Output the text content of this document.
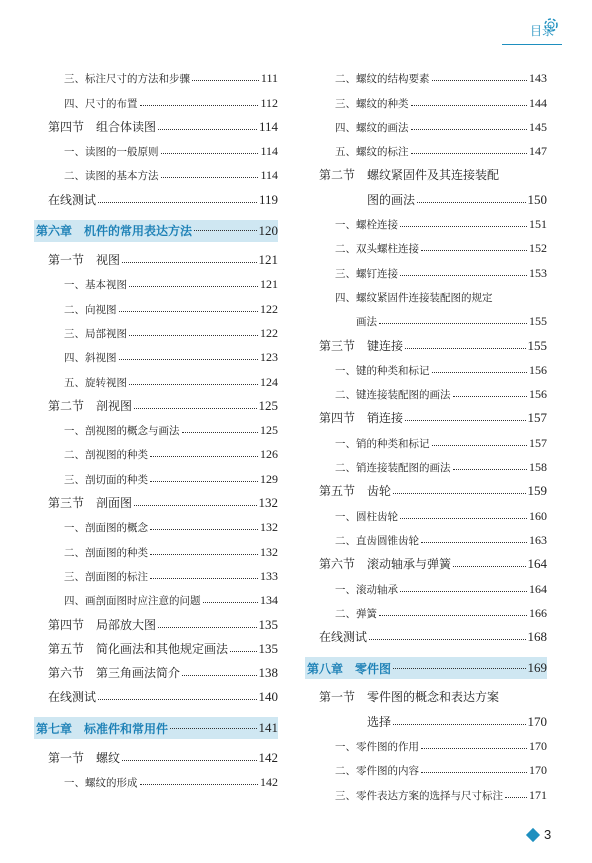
目录
三、标注尺寸的方法和步骤	111
四、尺寸的布置	112
第四节　组合体读图	114
一、读图的一般原则	114
二、读图的基本方法	114
在线测试	119
第六章　机件的常用表达方法	120
第一节　视图	121
一、基本视图	121
二、向视图	122
三、局部视图	122
四、斜视图	123
五、旋转视图	124
第二节　剖视图	125
一、剖视图的概念与画法	125
二、剖视图的种类	126
三、剖切面的种类	129
第三节　剖面图	132
一、剖面图的概念	132
二、剖面图的种类	132
三、剖面图的标注	133
四、画剖面图时应注意的问题	134
第四节　局部放大图	135
第五节　简化画法和其他规定画法 135
第六节　第三角画法简介	138
在线测试	140
第七章　标准件和常用件	141
第一节　螺纹	142
一、螺纹的形成	142
二、螺纹的结构要素	143
三、螺纹的种类	144
四、螺纹的画法	145
五、螺纹的标注	147
第二节　螺纹紧固件及其连接装配
　　　　图的画法	150
一、螺栓连接	151
二、双头螺柱连接	152
三、螺钉连接	153
四、螺纹紧固件连接装配图的规定
　　画法	155
第三节　键连接	155
一、键的种类和标记	156
二、键连接装配图的画法	156
第四节　销连接	157
一、销的种类和标记	157
二、销连接装配图的画法	158
第五节　齿轮	159
一、圆柱齿轮	160
二、直齿圆锥齿轮	163
第六节　滚动轴承与弹簧	164
一、滚动轴承	164
二、弹簧	166
在线测试	168
第八章　零件图	169
第一节　零件图的概念和表达方案
　　　　选择	170
一、零件图的作用	170
二、零件图的内容	170
三、零件表达方案的选择与尺寸标注 171
3
